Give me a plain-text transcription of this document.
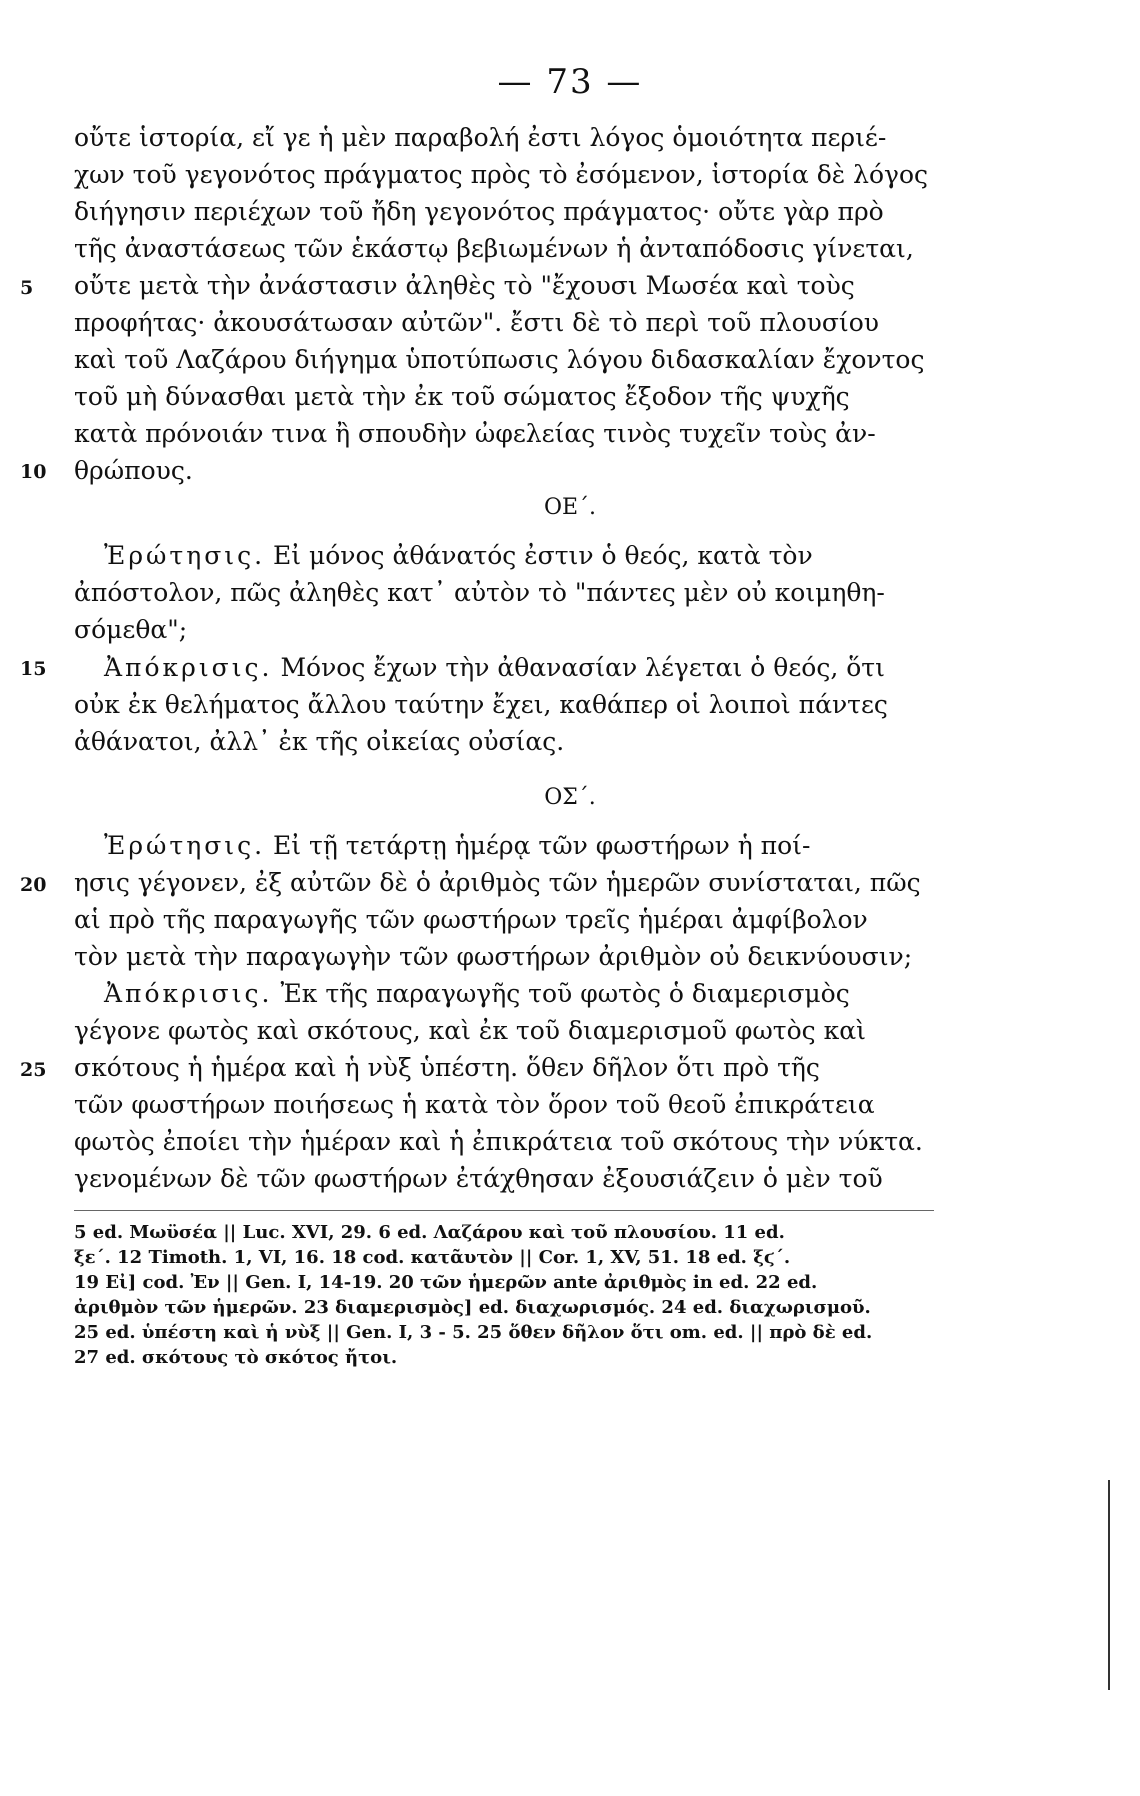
— 73 —
οὔτε ἱστορία, εἴ γε ἡ μὲν παραβολή ἐστι λόγος ὁμοιότητα περιέ-
χων τοῦ γεγονότος πράγματος πρὸς τὸ ἐσόμενον, ἱστορία δὲ λόγος
διήγησιν περιέχων τοῦ ἤδη γεγονότος πράγματος· οὔτε γὰρ πρὸ
τῆς ἀναστάσεως τῶν ἑκάστῳ βεβιωμένων ἡ ἀνταπόδοσις γίνεται,
5 οὔτε μετὰ τὴν ἀνάστασιν ἀληθὲς τὸ "ἔχουσι Μωσέα καὶ τοὺς
προφήτας· ἀκουσάτωσαν αὐτῶν". ἔστι δὲ τὸ περὶ τοῦ πλουσίου
καὶ τοῦ Λαζάρου διήγημα ὑποτύπωσις λόγου διδασκαλίαν ἔχοντος
τοῦ μὴ δύνασθαι μετὰ τὴν ἐκ τοῦ σώματος ἔξοδον τῆς ψυχῆς
κατὰ πρόνοιάν τινα ἢ σπουδὴν ὠφελείας τινὸς τυχεῖν τοὺς ἀν-
10 θρώπους.
ΟΕ΄.
Ἐρώτησις. Εἰ μόνος ἀθάνατός ἐστιν ὁ θεός, κατὰ τὸν
ἀπόστολον, πῶς ἀληθὲς κατ᾽ αὐτὸν τὸ "πάντες μὲν οὐ κοιμηθη-
σόμεθα";
15 Ἀπόκρισις. Μόνος ἔχων τὴν ἀθανασίαν λέγεται ὁ θεός, ὅτι
οὐκ ἐκ θελήματος ἄλλου ταύτην ἔχει, καθάπερ οἱ λοιποὶ πάντες
ἀθάνατοι, ἀλλ᾽ ἐκ τῆς οἰκείας οὐσίας.
ΟΣ΄.
Ἐρώτησις. Εἰ τῇ τετάρτῃ ἡμέρᾳ τῶν φωστήρων ἡ ποί-
20 ησις γέγονεν, ἐξ αὐτῶν δὲ ὁ ἀριθμὸς τῶν ἡμερῶν συνίσταται, πῶς
αἱ πρὸ τῆς παραγωγῆς τῶν φωστήρων τρεῖς ἡμέραι ἀμφίβολον
τὸν μετὰ τὴν παραγωγὴν τῶν φωστήρων ἀριθμὸν οὐ δεικνύουσιν;
Ἀπόκρισις. Ἐκ τῆς παραγωγῆς τοῦ φωτὸς ὁ διαμερισμὸς
γέγονε φωτὸς καὶ σκότους, καὶ ἐκ τοῦ διαμερισμοῦ φωτὸς καὶ
25 σκότους ἡ ἡμέρα καὶ ἡ νὺξ ὑπέστη. ὅθεν δῆλον ὅτι πρὸ τῆς
τῶν φωστήρων ποιήσεως ἡ κατὰ τὸν ὅρον τοῦ θεοῦ ἐπικράτεια
φωτὸς ἐποίει τὴν ἡμέραν καὶ ἡ ἐπικράτεια τοῦ σκότους τὴν νύκτα.
γενομένων δὲ τῶν φωστήρων ἐτάχθησαν ἐξουσιάζειν ὁ μὲν τοῦ
5 ed. Μωϋσέα || Luc. XVI, 29. 6 ed. Λαζάρου καὶ τοῦ πλουσίου. 11 ed.
ξε΄. 12 Timoth. 1, VI, 16. 18 cod. κατᾶυτὸν || Cor. 1, XV, 51. 18 ed. ξϛ΄.
19 Εἰ] cod. Ἐν || Gen. I, 14-19. 20 τῶν ἡμερῶν ante ἀριθμὸς in ed. 22 ed.
ἀριθμὸν τῶν ἡμερῶν. 23 διαμερισμὸς] ed. διαχωρισμός. 24 ed. διαχωρισμοῦ.
25 ed. ὑπέστη καὶ ἡ νὺξ || Gen. I, 3 - 5. 25 ὅθεν δῆλον ὅτι om. ed. || πρὸ δὲ ed.
27 ed. σκότους τὸ σκότος ἤτοι.
